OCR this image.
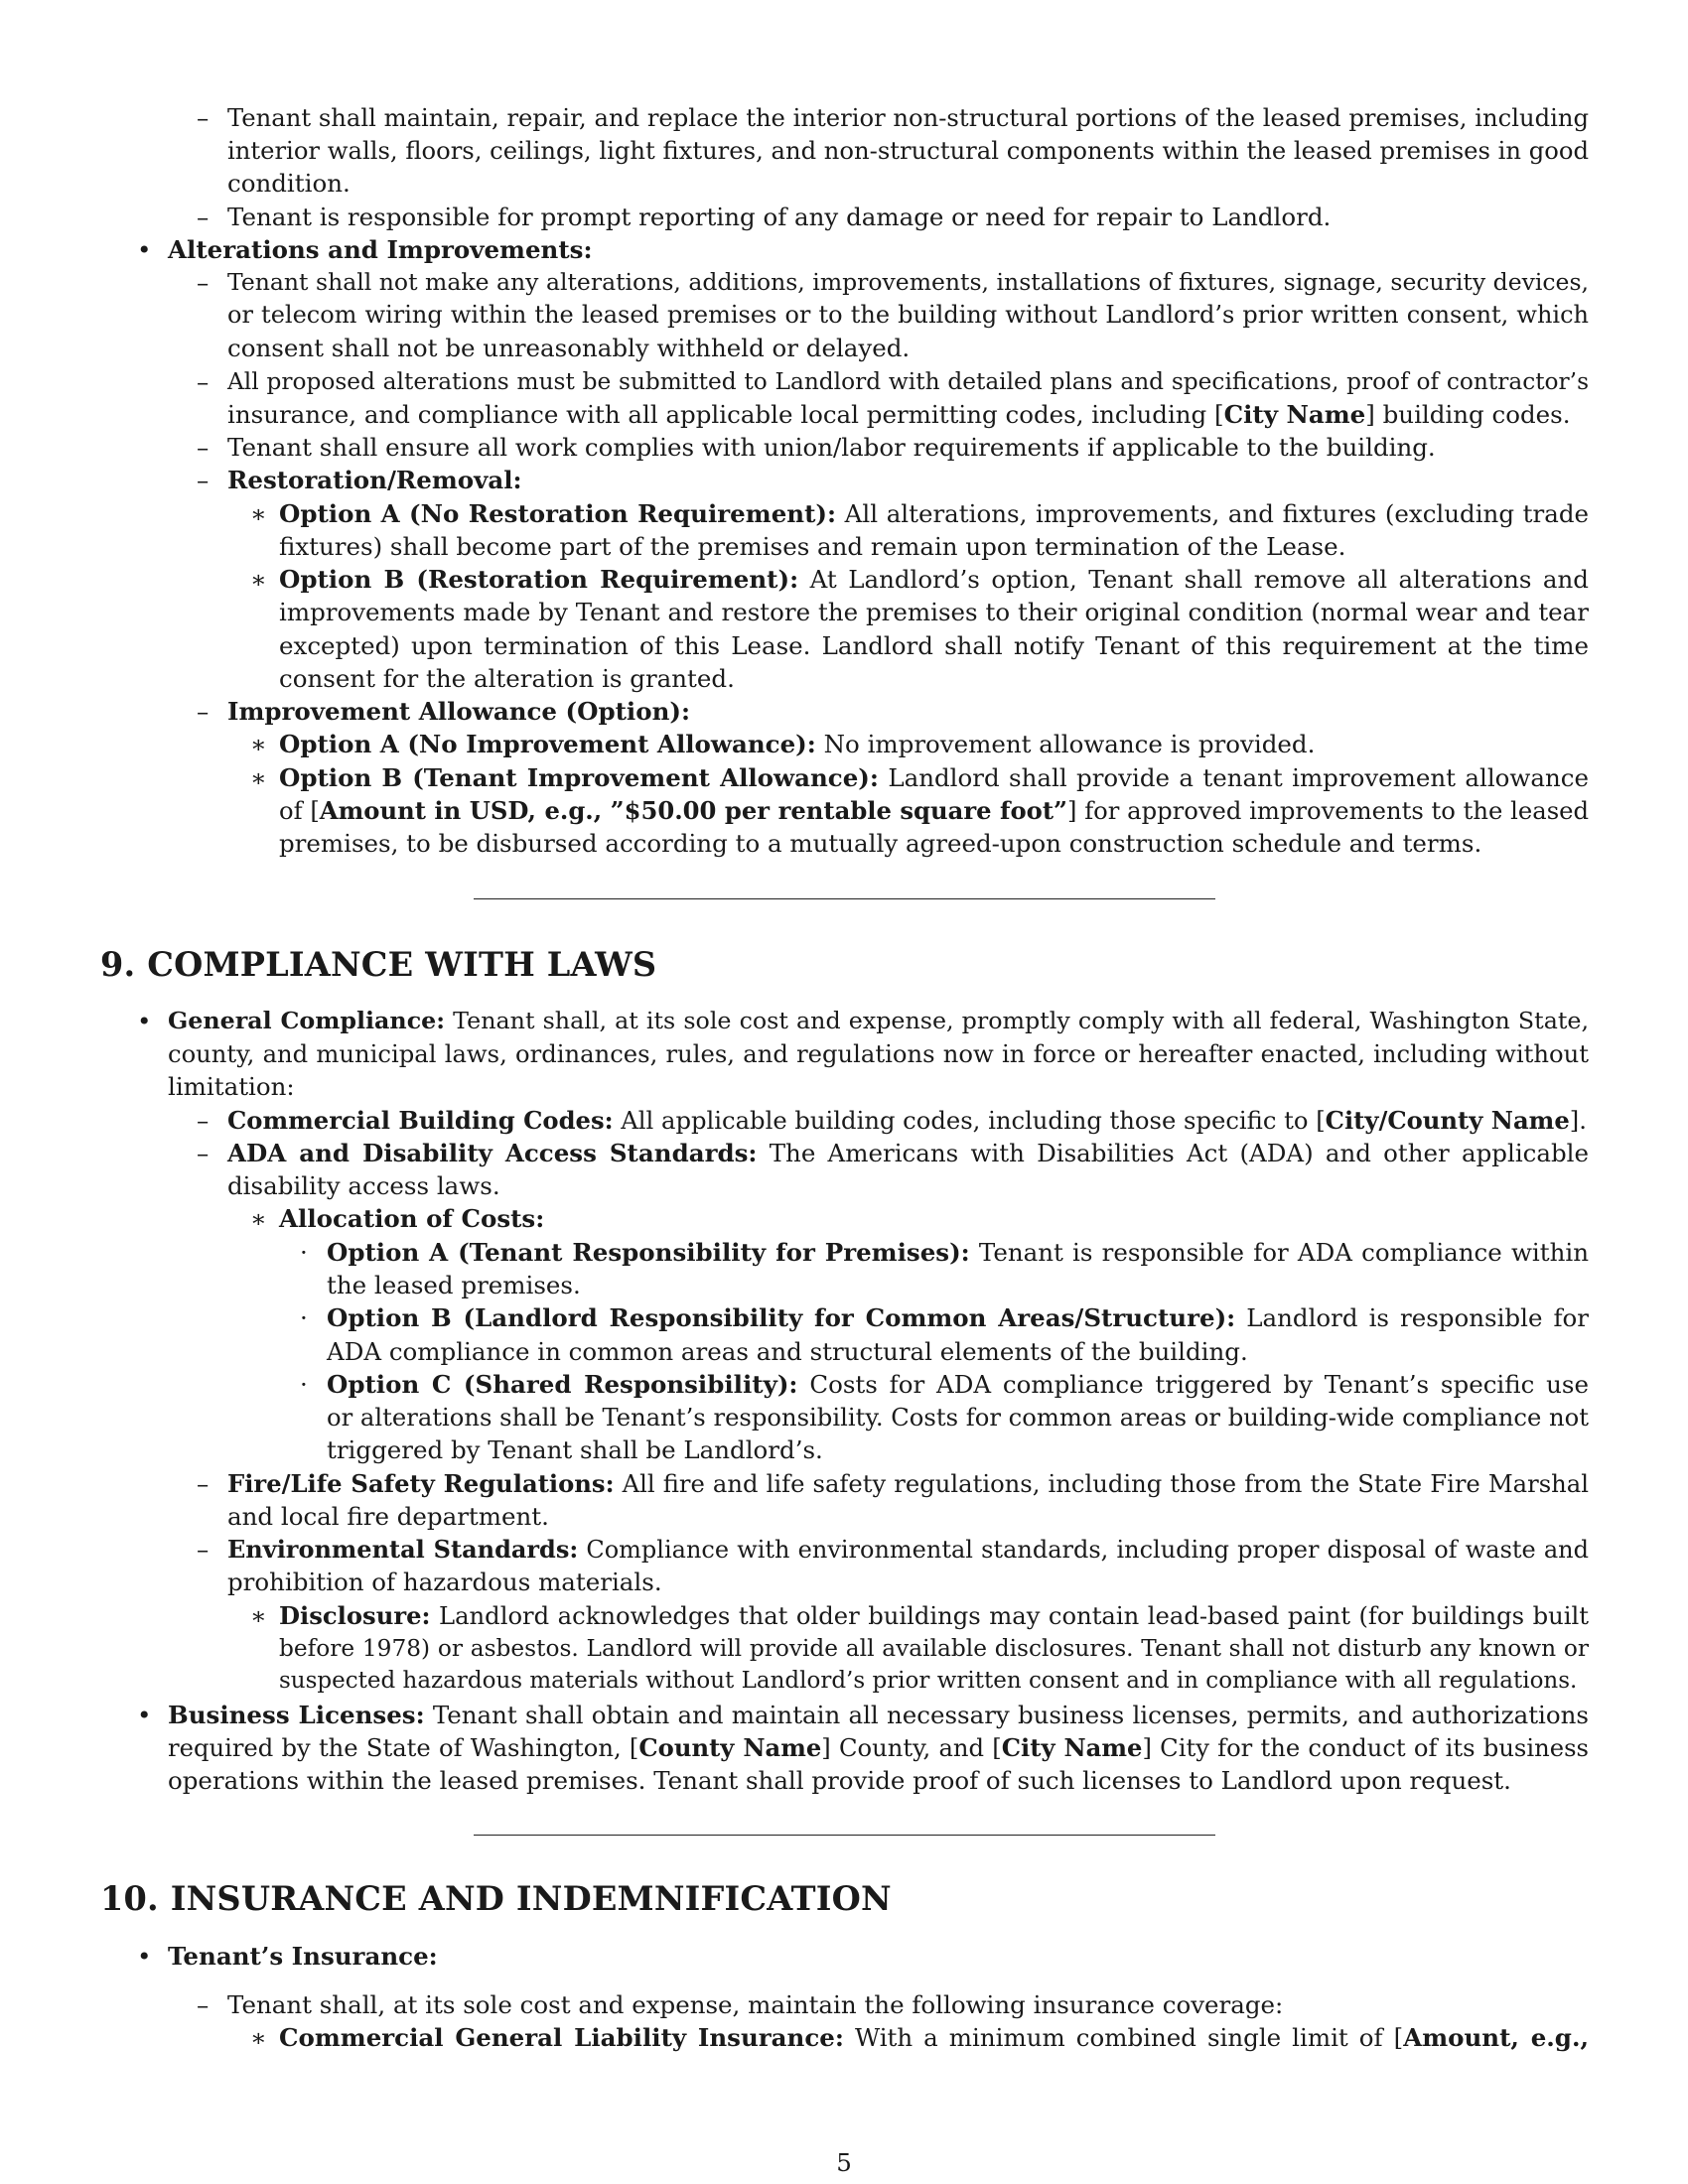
– Tenant shall maintain, repair, and replace the interior non-structural portions of the leased premises, including
interior walls, floors, ceilings, light fixtures, and non-structural components within the leased premises in good
condition.
– Tenant is responsible for prompt reporting of any damage or need for repair to Landlord.
• Alterations and Improvements:
– Tenant shall not make any alterations, additions, improvements, installations of fixtures, signage, security devices,
or telecom wiring within the leased premises or to the building without Landlord’s prior written consent, which
consent shall not be unreasonably withheld or delayed.
– All proposed alterations must be submitted to Landlord with detailed plans and specifications, proof of contractor’s
insurance, and compliance with all applicable local permitting codes, including [City Name] building codes.
– Tenant shall ensure all work complies with union/labor requirements if applicable to the building.
– Restoration/Removal:
∗ Option A (No Restoration Requirement): All alterations, improvements, and fixtures (excluding trade
fixtures) shall become part of the premises and remain upon termination of the Lease.
∗ Option B (Restoration Requirement): At Landlord’s option, Tenant shall remove all alterations and
improvements made by Tenant and restore the premises to their original condition (normal wear and tear
excepted) upon termination of this Lease. Landlord shall notify Tenant of this requirement at the time
consent for the alteration is granted.
– Improvement Allowance (Option):
∗ Option A (No Improvement Allowance): No improvement allowance is provided.
∗ Option B (Tenant Improvement Allowance): Landlord shall provide a tenant improvement allowance
of [Amount in USD, e.g., ”$50.00 per rentable square foot”] for approved improvements to the leased
premises, to be disbursed according to a mutually agreed-upon construction schedule and terms.
9. COMPLIANCE WITH LAWS
• General Compliance: Tenant shall, at its sole cost and expense, promptly comply with all federal, Washington State,
county, and municipal laws, ordinances, rules, and regulations now in force or hereafter enacted, including without
limitation:
– Commercial Building Codes: All applicable building codes, including those specific to [City/County Name].
– ADA and Disability Access Standards: The Americans with Disabilities Act (ADA) and other applicable
disability access laws.
∗ Allocation of Costs:
· Option A (Tenant Responsibility for Premises): Tenant is responsible for ADA compliance within
the leased premises.
· Option B (Landlord Responsibility for Common Areas/Structure): Landlord is responsible for
ADA compliance in common areas and structural elements of the building.
· Option C (Shared Responsibility): Costs for ADA compliance triggered by Tenant’s specific use
or alterations shall be Tenant’s responsibility. Costs for common areas or building-wide compliance not
triggered by Tenant shall be Landlord’s.
– Fire/Life Safety Regulations: All fire and life safety regulations, including those from the State Fire Marshal
and local fire department.
– Environmental Standards: Compliance with environmental standards, including proper disposal of waste and
prohibition of hazardous materials.
∗ Disclosure: Landlord acknowledges that older buildings may contain lead-based paint (for buildings built
before 1978) or asbestos. Landlord will provide all available disclosures. Tenant shall not disturb any known or
suspected hazardous materials without Landlord’s prior written consent and in compliance with all regulations.
• Business Licenses: Tenant shall obtain and maintain all necessary business licenses, permits, and authorizations
required by the State of Washington, [County Name] County, and [City Name] City for the conduct of its business
operations within the leased premises. Tenant shall provide proof of such licenses to Landlord upon request.
10. INSURANCE AND INDEMNIFICATION
• Tenant’s Insurance:
– Tenant shall, at its sole cost and expense, maintain the following insurance coverage:
∗ Commercial General Liability Insurance: With a minimum combined single limit of [Amount, e.g.,
5
